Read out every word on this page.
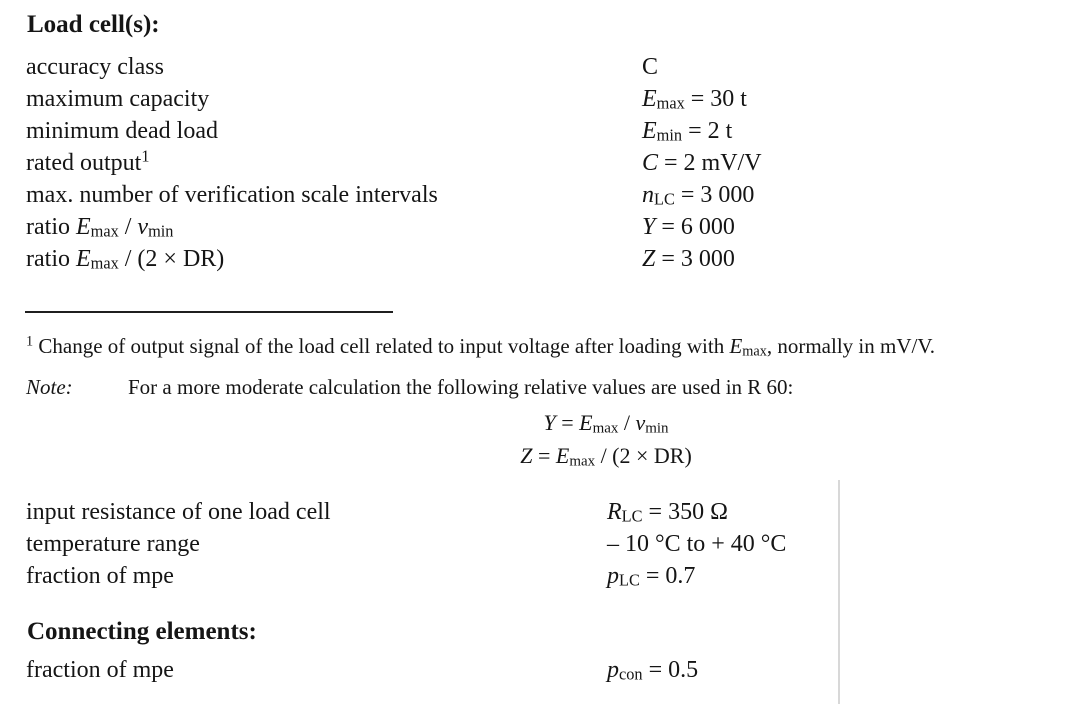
Load cell(s):
accuracy class	C
maximum capacity	$E_{max} = 30$ t
minimum dead load	$E_{min} = 2$ t
rated output$^1$	C = 2 mV/V
max. number of verification scale intervals	$n_{LC} = 3$ 000
ratio $E_{max} / v_{min}$	Y = 6 000
ratio $E_{max} / (2 \times DR)$	Z = 3 000
$^1$ Change of output signal of the load cell related to input voltage after loading with $E_{max}$, normally in mV/V.
Note:	For a more moderate calculation the following relative values are used in R 60:
$Y = E_{max} / v_{min}$
$Z = E_{max} / (2 \times DR)$
input resistance of one load cell	$R_{LC} = 350$ Ω
temperature range	– 10 °C to + 40 °C
fraction of mpe	$p_{LC} = 0.7$
Connecting elements:
fraction of mpe	$p_{con} = 0.5$
